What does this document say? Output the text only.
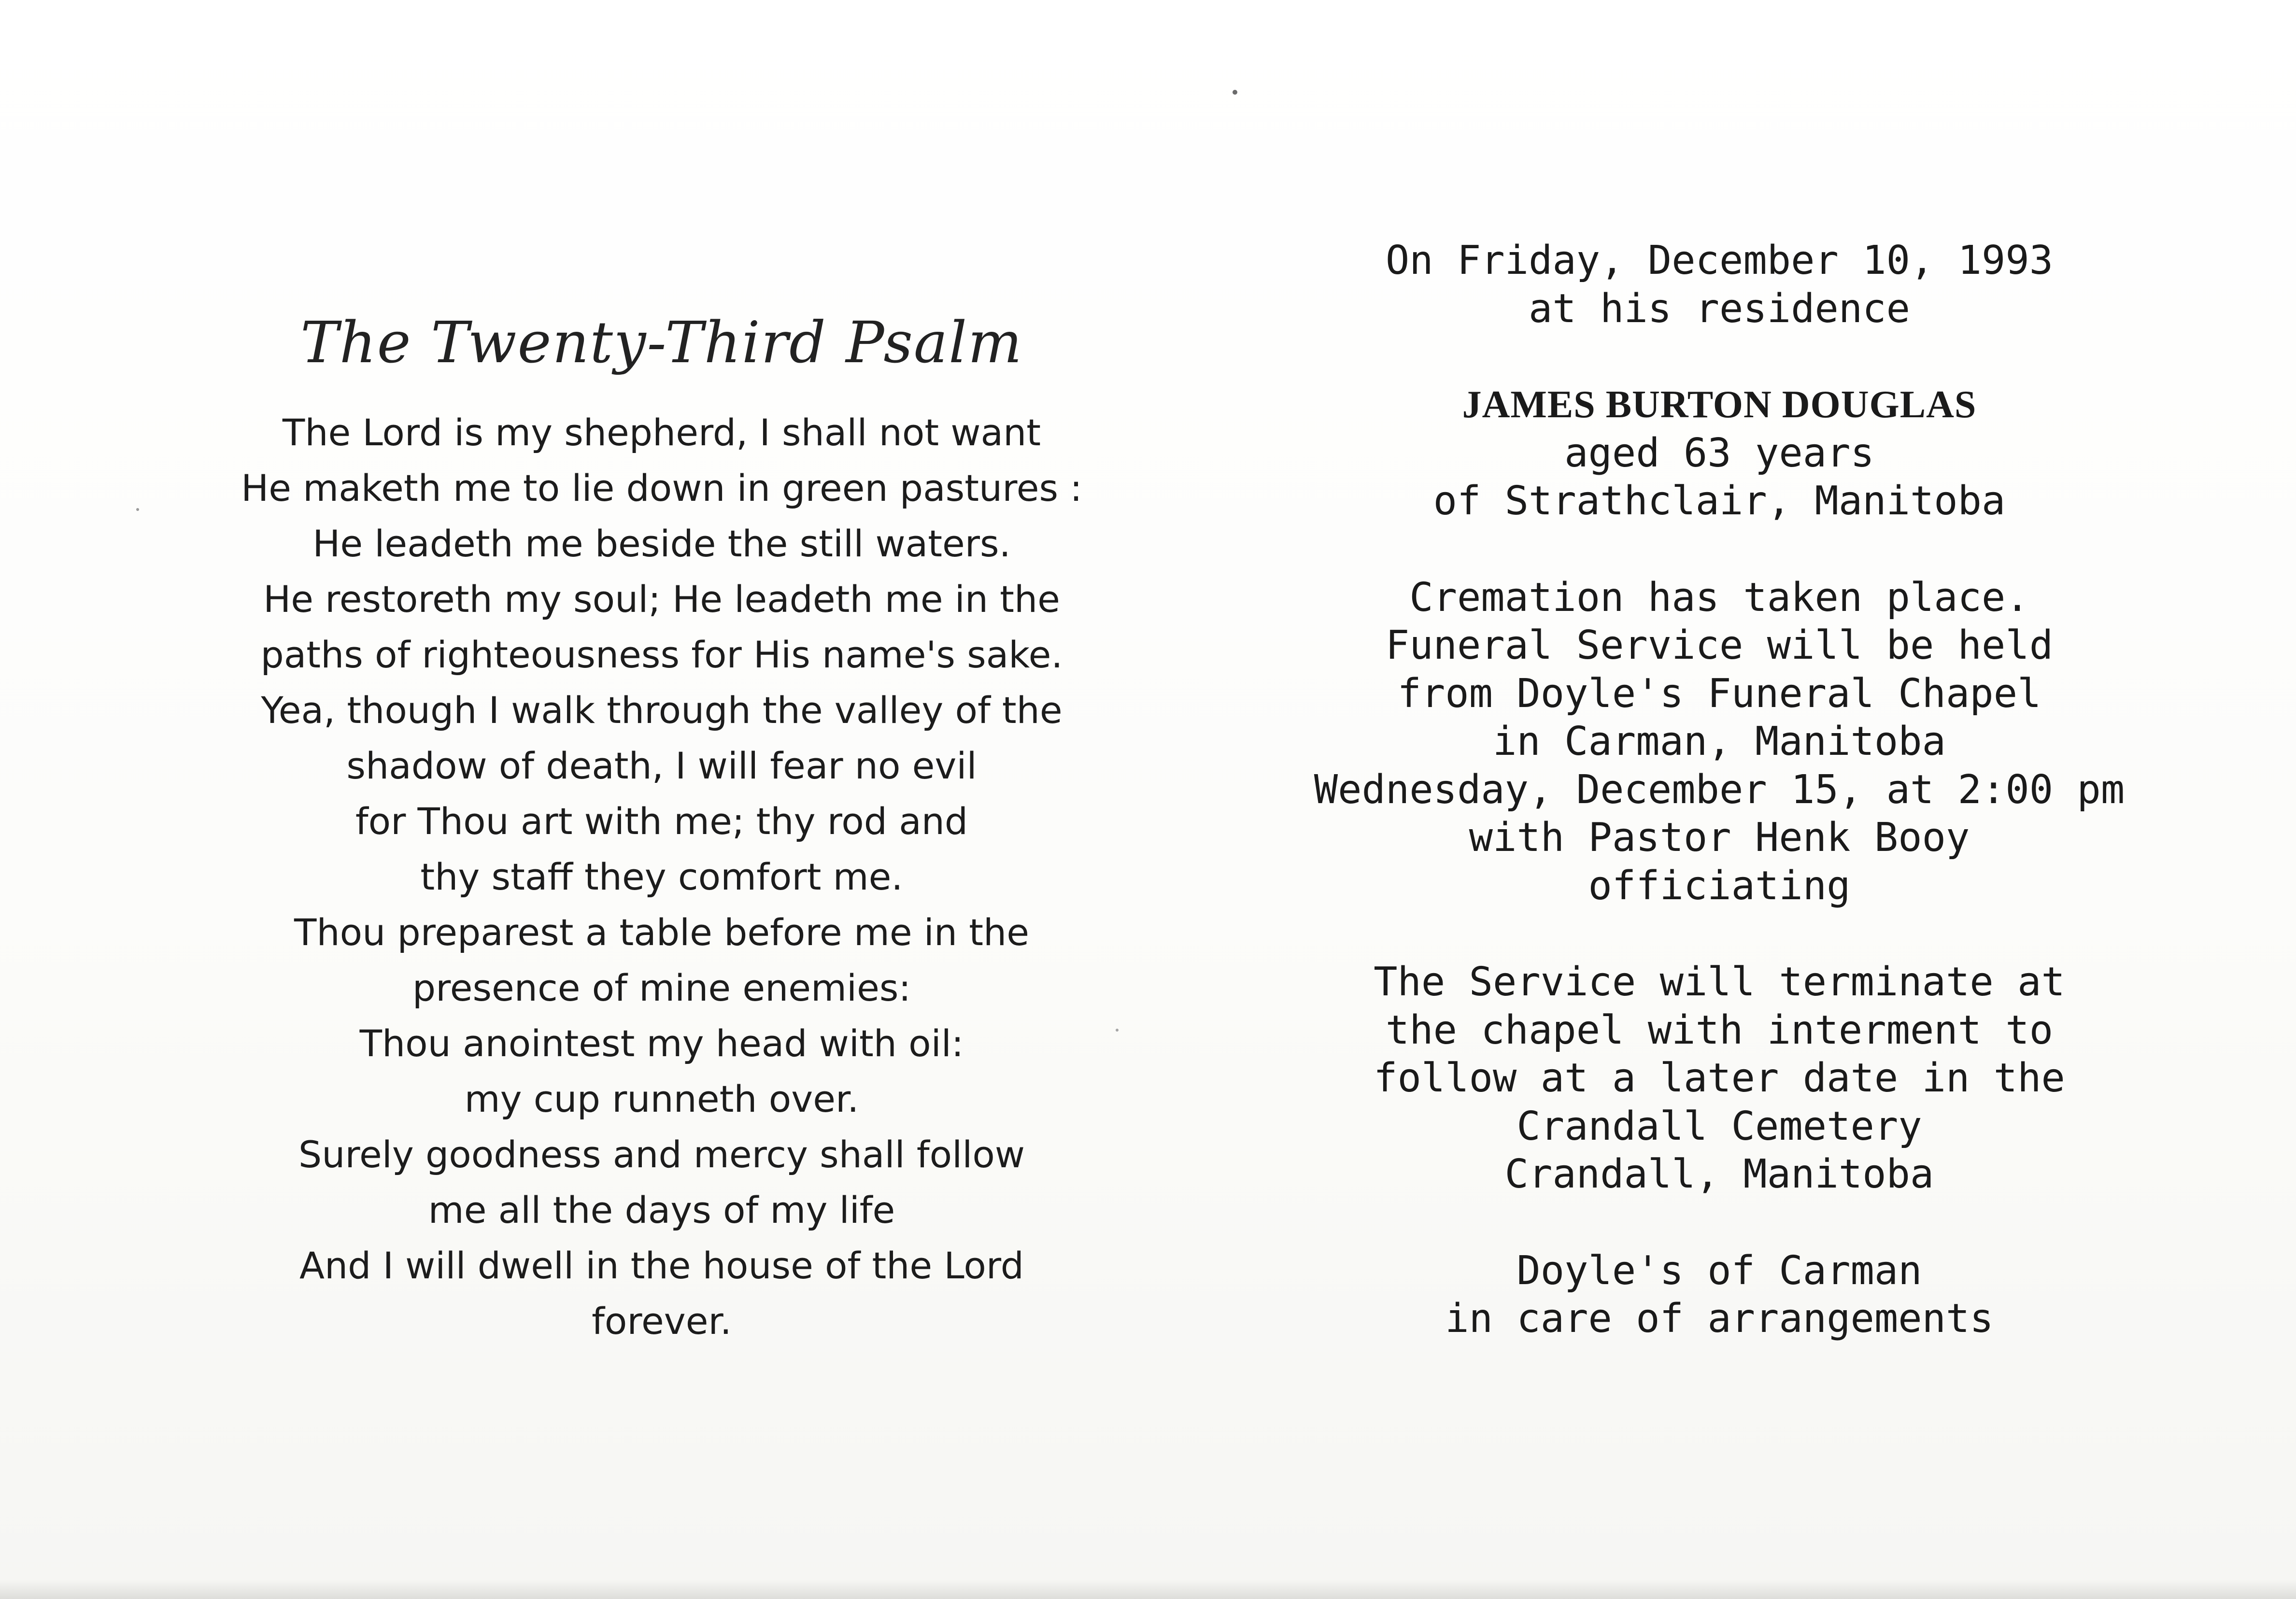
The Twenty-Third Psalm
The Lord is my shepherd, I shall not want
He maketh me to lie down in green pastures :
He leadeth me beside the still waters.
He restoreth my soul; He leadeth me in the
paths of righteousness for His name's sake.
Yea, though I walk through the valley of the
shadow of death, I will fear no evil
for Thou art with me; thy rod and
thy staff they comfort me.
Thou preparest a table before me in the
presence of mine enemies:
Thou anointest my head with oil:
my cup runneth over.
Surely goodness and mercy shall follow
me all the days of my life
And I will dwell in the house of the Lord
forever.
On Friday, December 10, 1993
at his residence
JAMES BURTON DOUGLAS
aged 63 years
of Strathclair, Manitoba
Cremation has taken place.
Funeral Service will be held
from Doyle's Funeral Chapel
in Carman, Manitoba
Wednesday, December 15, at 2:00 pm
with Pastor Henk Booy
officiating
The Service will terminate at
the chapel with interment to
follow at a later date in the
Crandall Cemetery
Crandall, Manitoba
Doyle's of Carman
in care of arrangements
